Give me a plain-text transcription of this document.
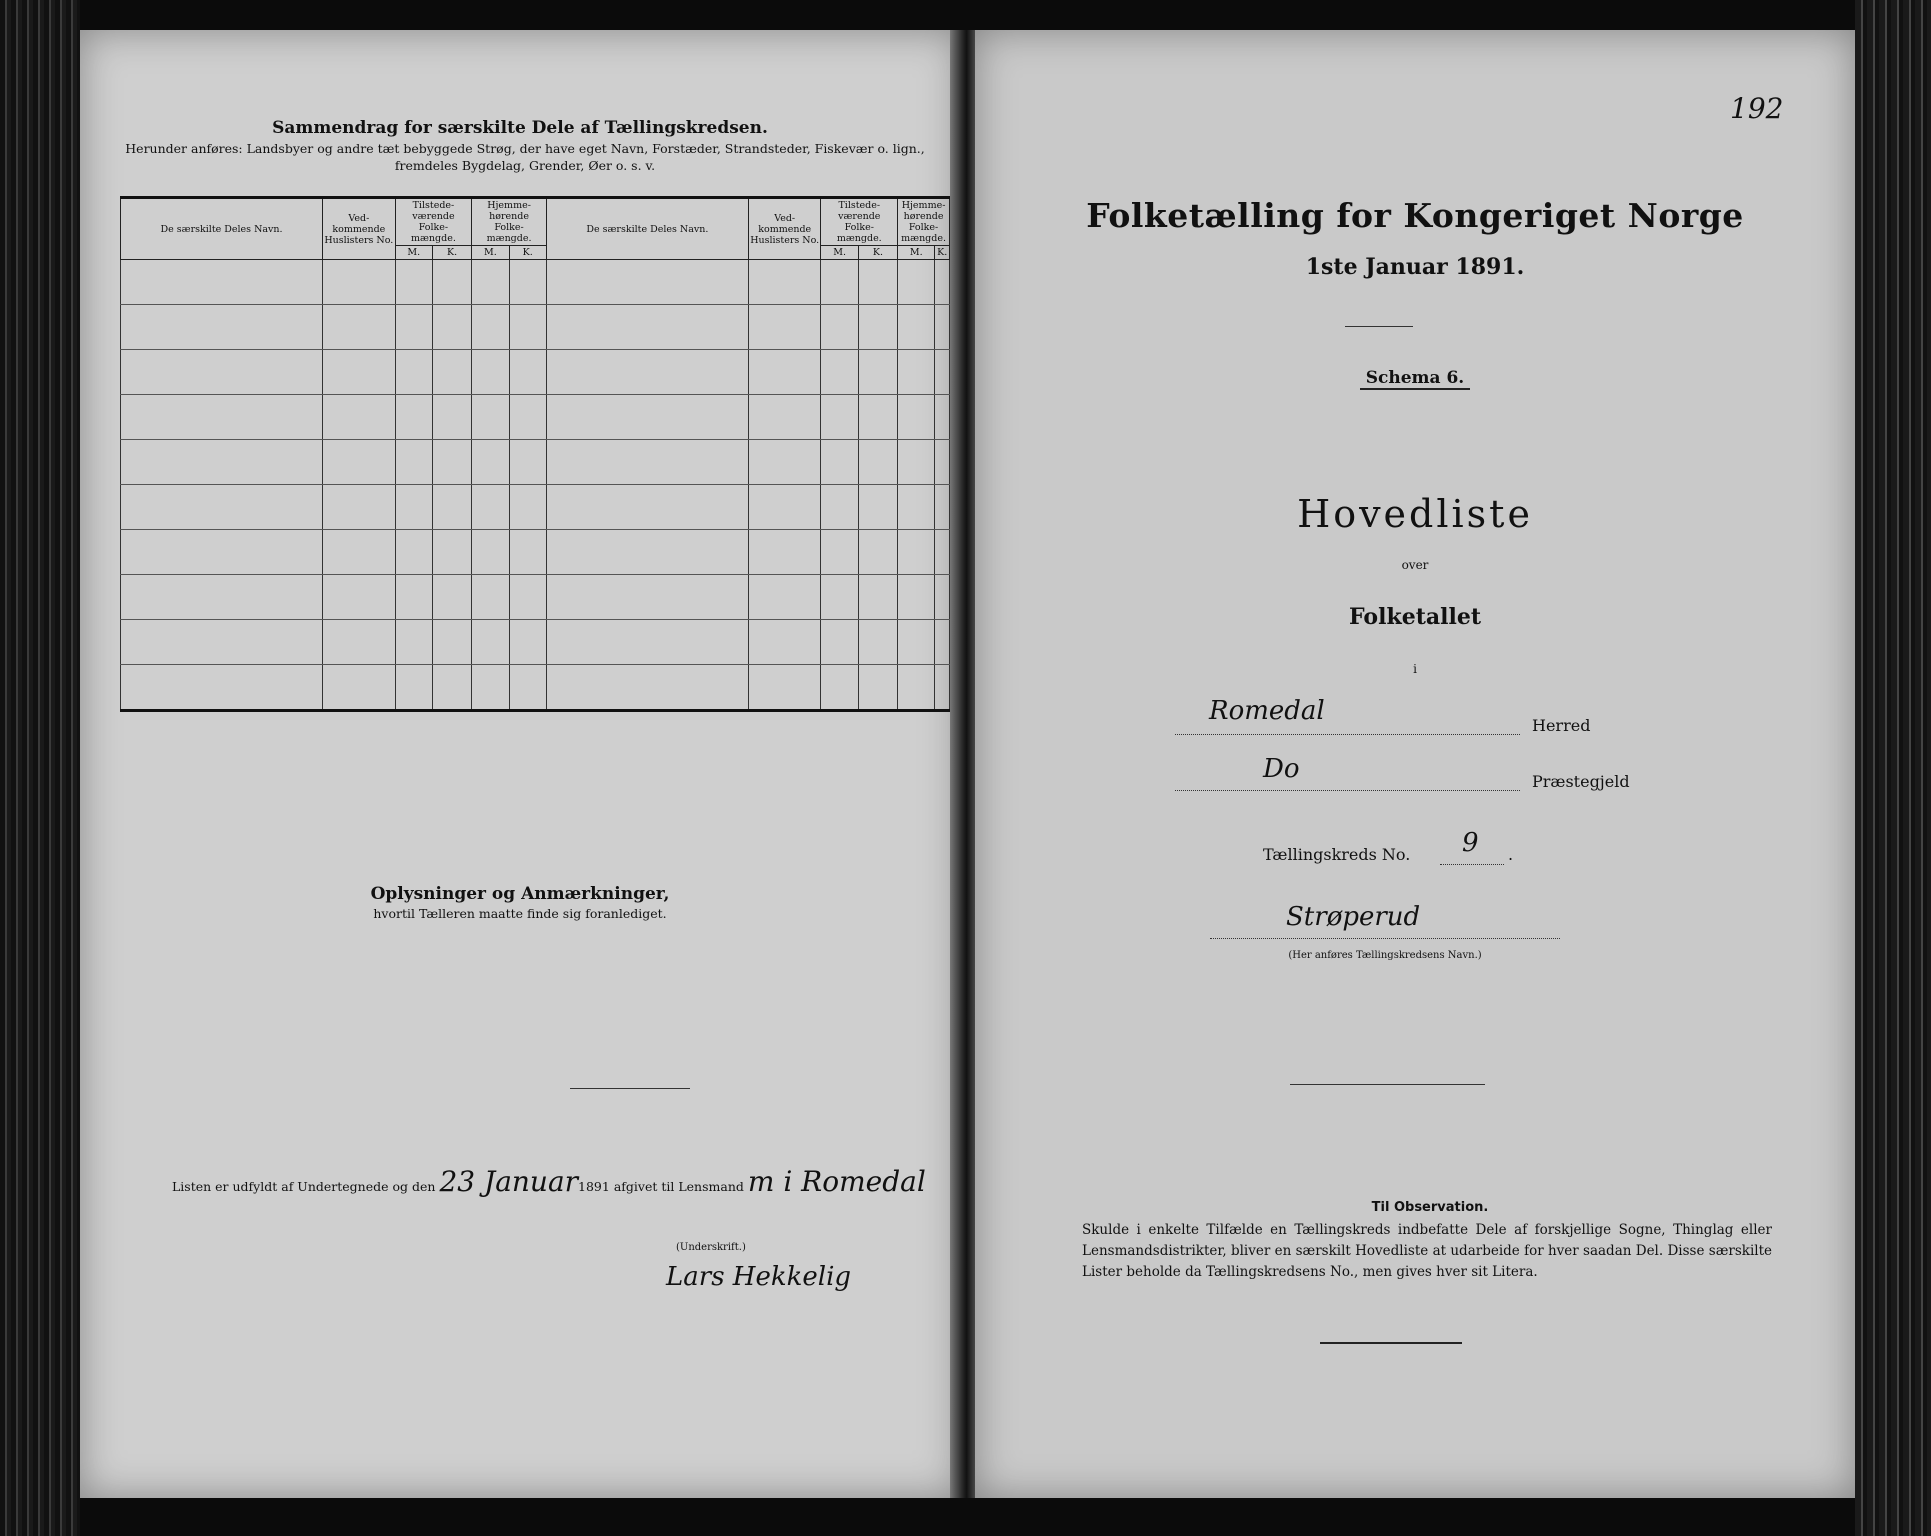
Sammendrag for særskilte Dele af Tællingskredsen.
Herunder anføres: Landsbyer og andre tæt bebyggede Strøg, der have eget Navn, Forstæder, Strandsteder, Fiskevær o. lign., fremdeles Bygdelag, Grender, Øer o. s. v.
De særskilte Deles Navn.	Ved-kommende Huslisters No.	Tilstede-værende Folke-mængde.		Hjemme-hørende Folke-mængde.		De særskilte Deles Navn.	Ved-kommende Huslisters No.	Tilstede-værende Folke-mængde.		Hjemme-hørende Folke-mængde.	
		M.	K.	M.	K.			M.	K.	M.	K.

Oplysninger og Anmærkninger,
hvortil Tælleren maatte finde sig foranlediget.
Listen er udfyldt af Undertegnede og den 23 Januar1891 afgivet til Lensmand m i Romedal
(Underskrift.)
Lars Hekkelig
192
Folketælling for Kongeriget Norge
1ste Januar 1891.
Schema 6.
Hovedliste
over
Folketallet
i
Romedal	Herred
Do	Præstegjeld
Tællingskreds No. 9 .
Strøperud
(Her anføres Tællingskredsens Navn.)
Til Observation.
Skulde i enkelte Tilfælde en Tællingskreds indbefatte Dele af forskjellige Sogne, Thinglag eller Lensmandsdistrikter, bliver en særskilt Hovedliste at udarbeide for hver saadan Del. Disse særskilte Lister beholde da Tællingskredsens No., men gives hver sit Litera.
